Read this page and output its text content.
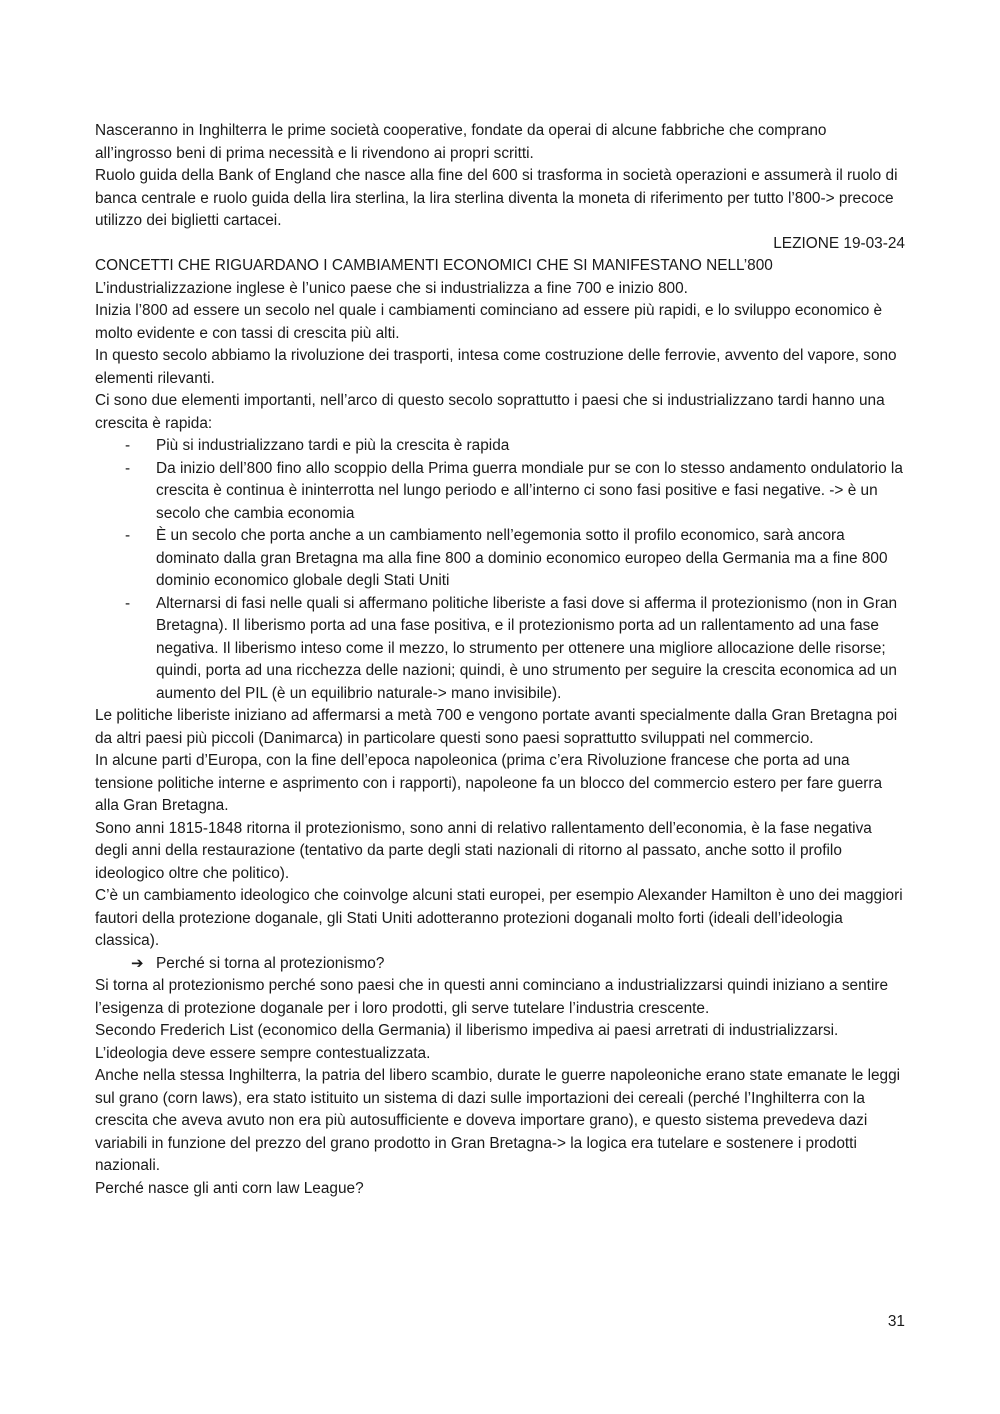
Nasceranno in Inghilterra le prime società cooperative, fondate da operai di alcune fabbriche che comprano all’ingrosso beni di prima necessità e li rivendono ai propri scritti.

Ruolo guida della Bank of England che nasce alla fine del 600 si trasforma in società operazioni e assumerà il ruolo di banca centrale e ruolo guida della lira sterlina, la lira sterlina diventa la moneta di riferimento per tutto l’800-> precoce utilizzo dei biglietti cartacei.

LEZIONE 19-03-24

CONCETTI CHE RIGUARDANO I CAMBIAMENTI ECONOMICI CHE SI MANIFESTANO NELL’800

L’industrializzazione inglese è l’unico paese che si industrializza a fine 700 e inizio 800.

Inizia l’800 ad essere un secolo nel quale i cambiamenti cominciano ad essere più rapidi, e lo sviluppo economico è molto evidente e con tassi di crescita più alti.

In questo secolo abbiamo la rivoluzione dei trasporti, intesa come costruzione delle ferrovie, avvento del vapore, sono elementi rilevanti.

Ci sono due elementi importanti, nell’arco di questo secolo soprattutto i paesi che si industrializzano tardi hanno una crescita è rapida:

- Più si industrializzano tardi e più la crescita è rapida
- Da inizio dell’800 fino allo scoppio della Prima guerra mondiale pur se con lo stesso andamento ondulatorio la crescita è continua è ininterrotta nel lungo periodo e all’interno ci sono fasi positive e fasi negative. -> è un secolo che cambia economia
- È un secolo che porta anche a un cambiamento nell’egemonia sotto il profilo economico, sarà ancora dominato dalla gran Bretagna ma alla fine 800 a dominio economico europeo della Germania ma a fine 800 dominio economico globale degli Stati Uniti
- Alternarsi di fasi nelle quali si affermano politiche liberiste a fasi dove si afferma il protezionismo (non in Gran Bretagna). Il liberismo porta ad una fase positiva, e il protezionismo porta ad un rallentamento ad una fase negativa. Il liberismo inteso come il mezzo, lo strumento per ottenere una migliore allocazione delle risorse; quindi, porta ad una ricchezza delle nazioni; quindi, è uno strumento per seguire la crescita economica ad un aumento del PIL (è un equilibrio naturale-> mano invisibile).

Le politiche liberiste iniziano ad affermarsi a metà 700 e vengono portate avanti specialmente dalla Gran Bretagna poi da altri paesi più piccoli (Danimarca) in particolare questi sono paesi soprattutto sviluppati nel commercio.

In alcune parti d’Europa, con la fine dell’epoca napoleonica (prima c’era Rivoluzione francese che porta ad una tensione politiche interne e asprimento con i rapporti), napoleone fa un blocco del commercio estero per fare guerra alla Gran Bretagna.

Sono anni 1815-1848 ritorna il protezionismo, sono anni di relativo rallentamento dell’economia, è la fase negativa degli anni della restaurazione (tentativo da parte degli stati nazionali di ritorno al passato, anche sotto il profilo ideologico oltre che politico).

C’è un cambiamento ideologico che coinvolge alcuni stati europei, per esempio Alexander Hamilton è uno dei maggiori fautori della protezione doganale, gli Stati Uniti adotteranno protezioni doganali molto forti (ideali dell’ideologia classica).

➔ Perché si torna al protezionismo?

Si torna al protezionismo perché sono paesi che in questi anni cominciano a industrializzarsi quindi iniziano a sentire l’esigenza di protezione doganale per i loro prodotti, gli serve tutelare l’industria crescente.

Secondo Frederich List (economico della Germania) il liberismo impediva ai paesi arretrati di industrializzarsi.

L’ideologia deve essere sempre contestualizzata.

Anche nella stessa Inghilterra, la patria del libero scambio, durate le guerre napoleoniche erano state emanate le leggi sul grano (corn laws), era stato istituito un sistema di dazi sulle importazioni dei cereali (perché l’Inghilterra con la crescita che aveva avuto non era più autosufficiente e doveva importare grano), e questo sistema prevedeva dazi variabili in funzione del prezzo del grano prodotto in Gran Bretagna-> la logica era tutelare e sostenere i prodotti nazionali.

Perché nasce gli anti corn law League?

31
